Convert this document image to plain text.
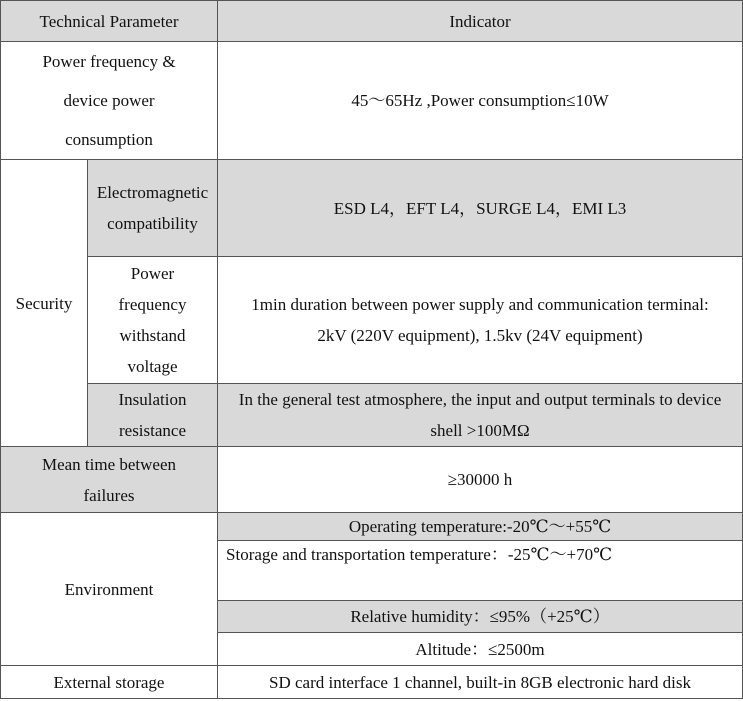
Technical Parameter		Indicator
Power frequency & device power consumption		45～65Hz ,Power consumption≤10W
Security	Electromagnetic compatibility	ESD L4，EFT L4，SURGE L4，EMI L3
	Power frequency withstand voltage	1min duration between power supply and communication terminal: 2kV (220V equipment), 1.5kv (24V equipment)
	Insulation resistance	In the general test atmosphere, the input and output terminals to device shell >100MΩ
Mean time between failures		≥30000 h
Environment		Operating temperature:-20℃～+55℃
		Storage and transportation temperature：-25℃～+70℃
		Relative humidity：≤95%（+25℃）
		Altitude：≤2500m
External storage		SD card interface 1 channel, built-in 8GB electronic hard disk
